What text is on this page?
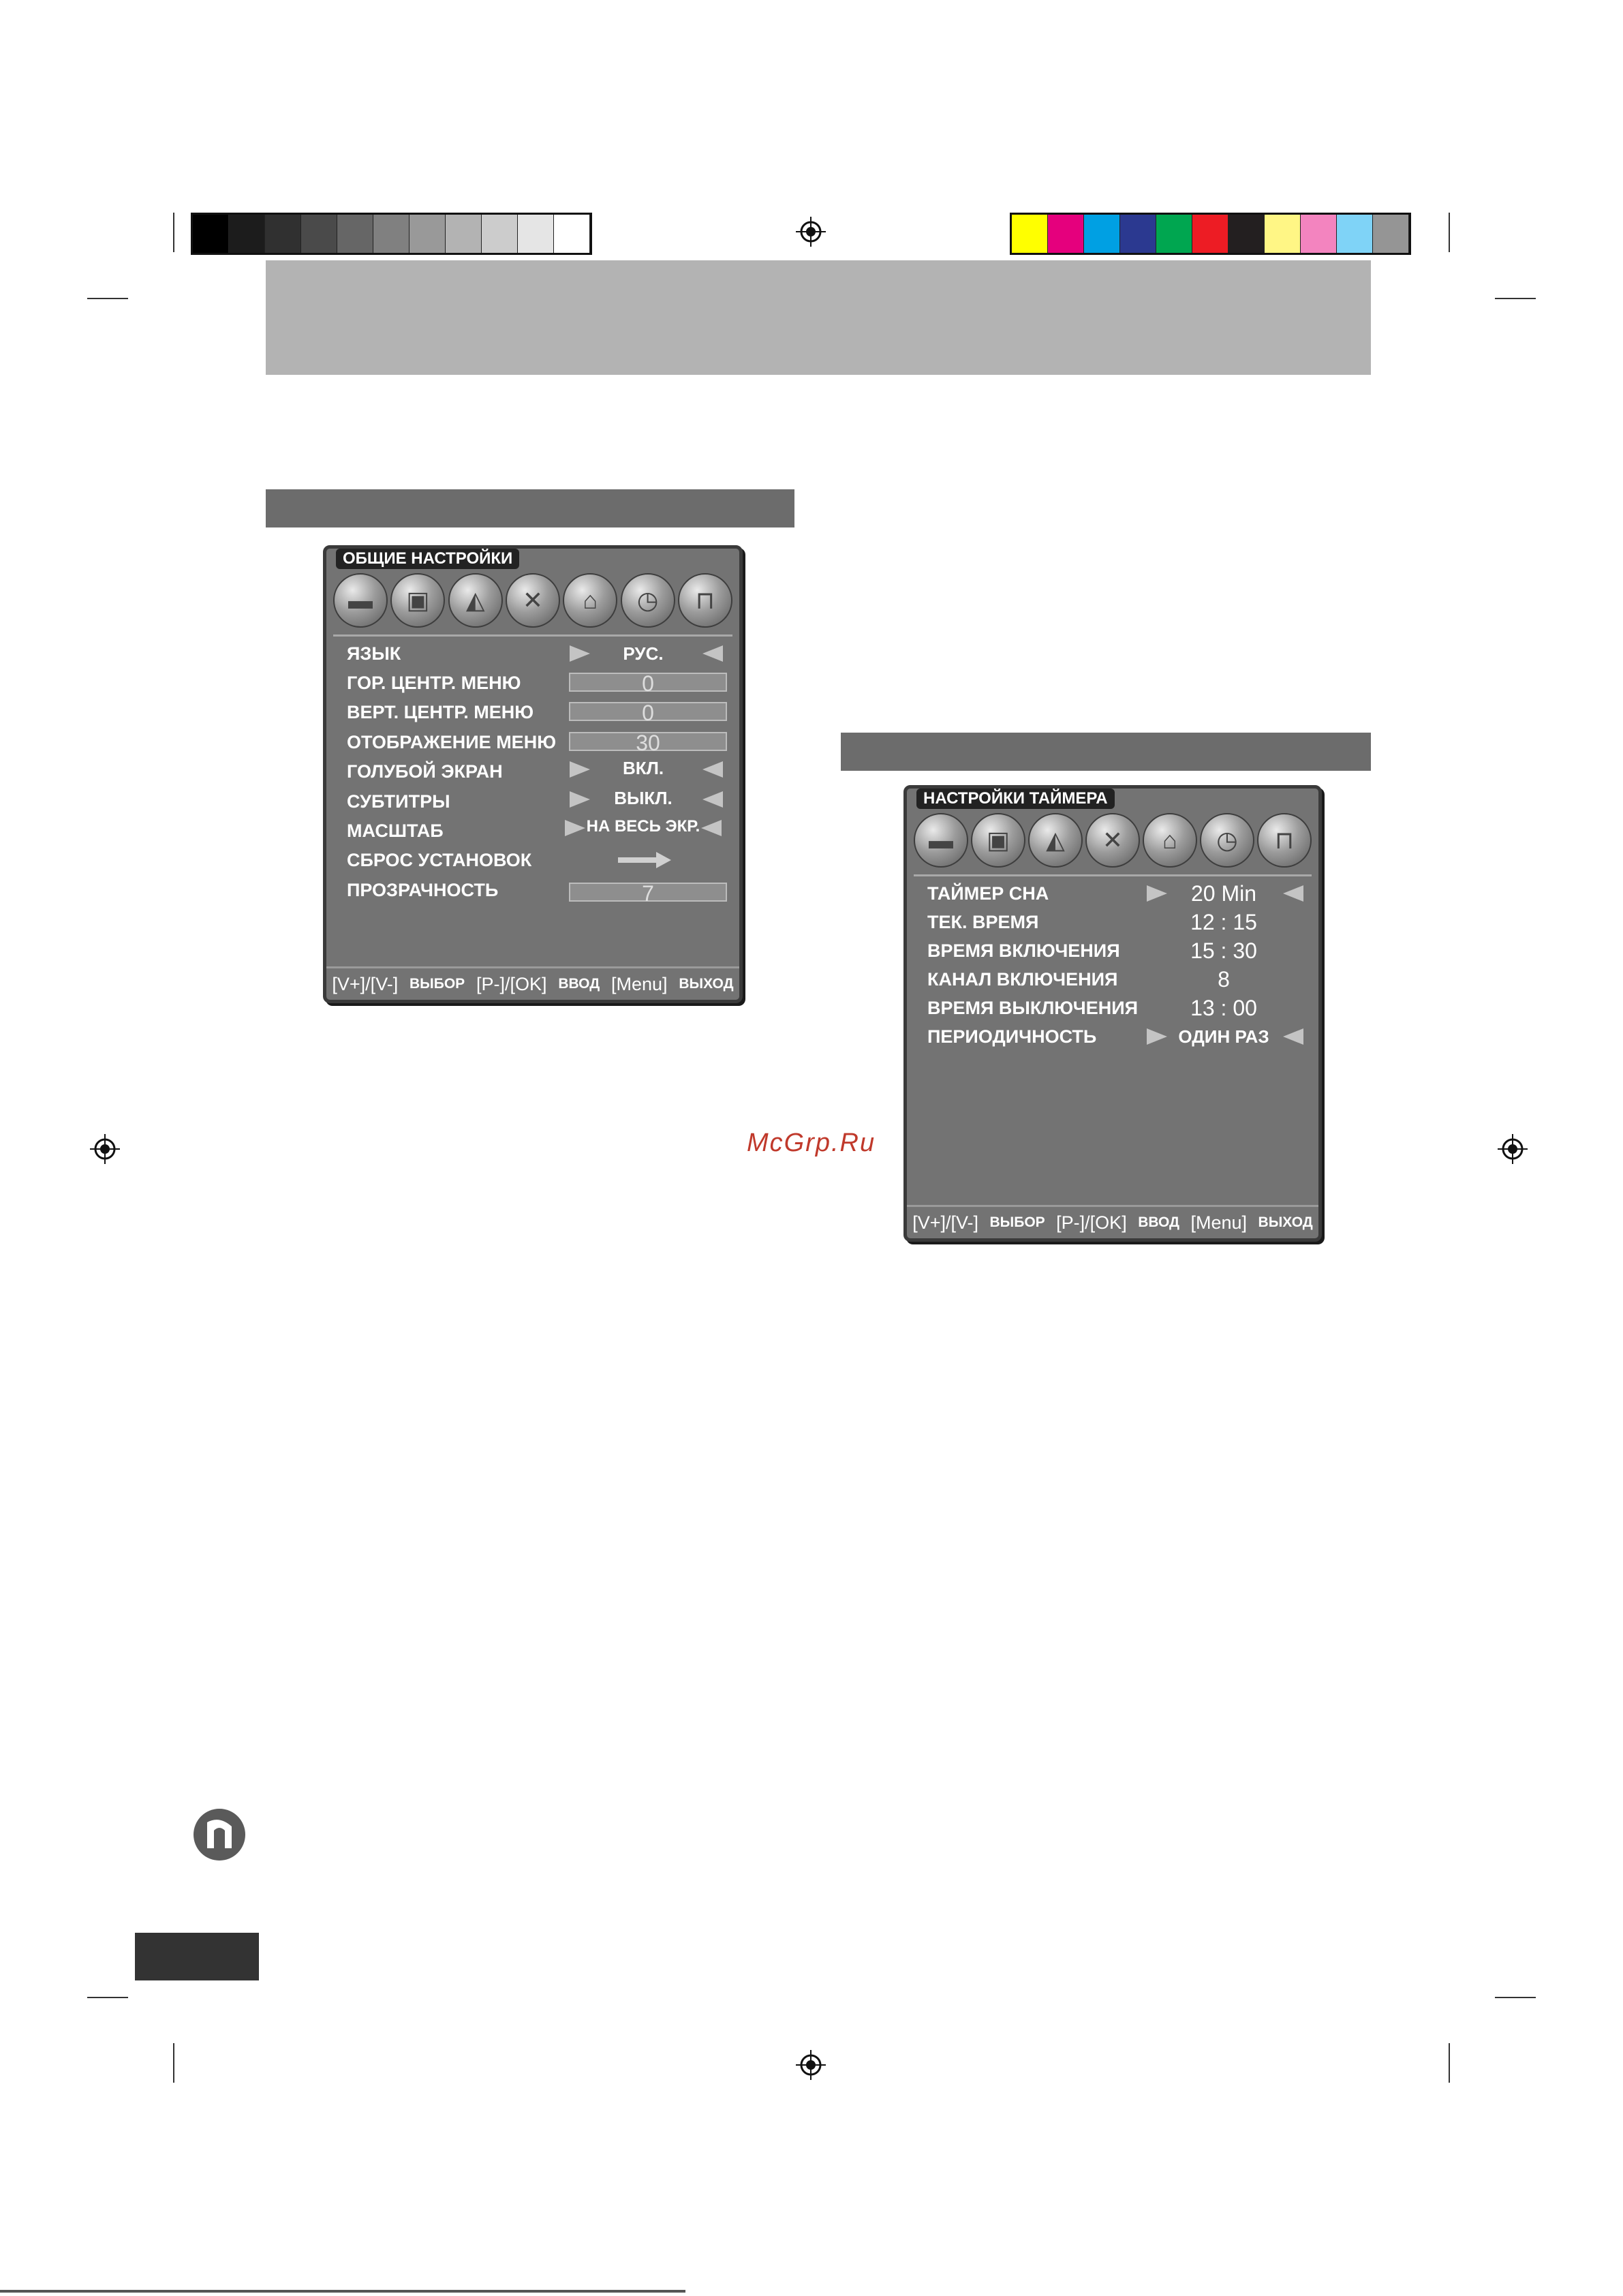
ОБЩИЕ НАСТРОЙКИ
▬	▣	◭	✕	⌂	◷	⊓
ЯЗЫК	РУС.
ГОР. ЦЕНТР. МЕНЮ	0
ВЕРТ. ЦЕНТР. МЕНЮ	0
ОТОБРАЖЕНИЕ МЕНЮ	30
ГОЛУБОЙ ЭКРАН	ВКЛ.
СУБТИТРЫ	ВЫКЛ.
МАСШТАБ	НА ВЕСЬ ЭКР.
СБРОС УСТАНОВОК
ПРОЗРАЧНОСТЬ	7
[V+]/[V-] ВЫБОР [P-]/[OK] ВВОД [Menu] ВЫХОД
McGrp.Ru
НАСТРОЙКИ ТАЙМЕРА
▬	▣	◭	✕	⌂	◷	⊓
ТАЙМЕР СНА	20 Min
ТЕК. ВРЕМЯ	12 : 15
ВРЕМЯ ВКЛЮЧЕНИЯ	15 : 30
КАНАЛ ВКЛЮЧЕНИЯ	8
ВРЕМЯ ВЫКЛЮЧЕНИЯ	13 : 00
ПЕРИОДИЧНОСТЬ	ОДИН РАЗ
[V+]/[V-] ВЫБОР [P-]/[OK] ВВОД [Menu] ВЫХОД
